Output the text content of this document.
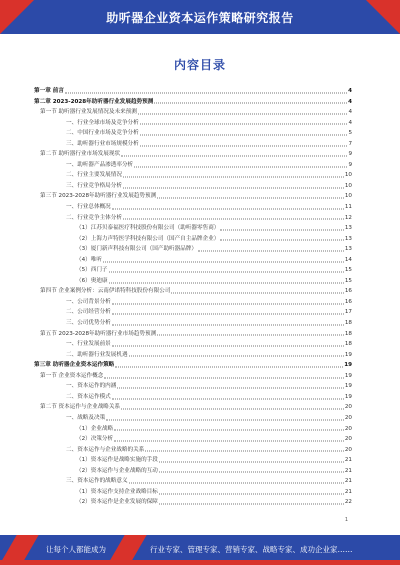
助听器企业资本运作策略研究报告
内容目录
第一章 前言	4
第二章 2023-2028年助听器行业发展趋势预测	4
第一节 助听器行业发展情况及未来预测	4
一、行业全球市场及竞争分析	4
二、中国行业市场及竞争分析	5
三、助听器行业市场规模分析	7
第二节 助听器行业市场发展现状	9
一、助听器产品渗透率分析	9
二、行业主要发展情况	10
三、行业竞争格局分析	10
第三节 2023-2028年助听器行业发展趋势预测	10
一、行业总体概况	11
二、行业竞争主体分析	12
（1）江苏贝泰福医疗科技股份有限公司（助听器零售商）	13
（2）上海力声特医学科技有限公司（国产自主品牌企业）	13
（3）厦门新声科技有限公司（国产助听器品牌）	13
（4）唯听	14
（5）西门子	15
（6）奥迪康	15
第四节 企业案例分析：云南伊诺特科技股份有限公司	16
一、公司背景分析	16
二、公司经营分析	17
三、公司优势分析	18
第五节 2023-2028年助听器行业市场趋势预测	18
一、行业发展前景	18
二、助听器行业发展机遇	19
第三章 助听器企业资本运作策略	19
第一节 企业资本运作概念	19
一、资本运作的内涵	19
二、资本运作模式	19
第二节 资本运作与企业战略关系	20
一、战略及决策	20
（1）企业战略	20
（2）决策分析	20
二、资本运作与企业战略的关系	20
（1）资本运作是战略实施的手段	21
（2）资本运作与企业战略的互动	21
三、资本运作的战略意义	21
（1）资本运作支持企业战略目标	21
（2）资本运作是企业发展的保障	22
1
让每个人都能成为	行业专家、管理专家、营销专家、战略专家、成功企业家……
